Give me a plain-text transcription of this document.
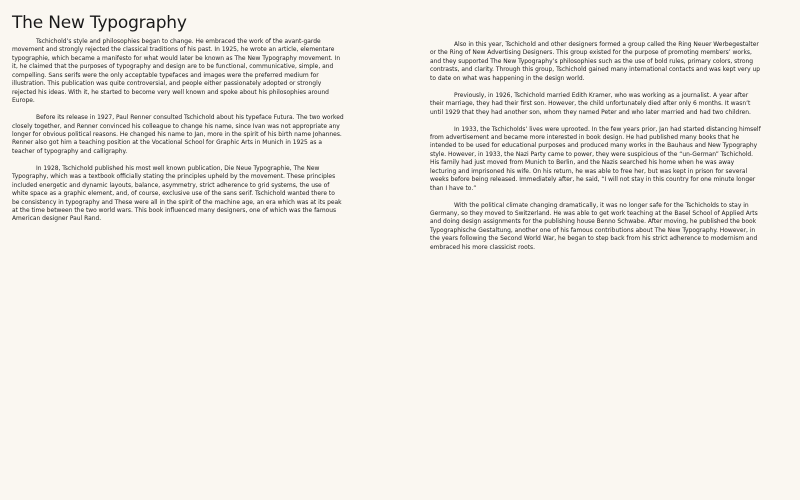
The New Typography

Tschichold’s style and philosophies began to change. He embraced the work of the avant-garde movement and strongly rejected the classical traditions of his past. In 1925, he wrote an article, elementare typographie, which became a manifesto for what would later be known as The New Typography movement. In it, he claimed that the purposes of typography and design are to be functional, communicative, simple, and compelling. Sans serifs were the only acceptable typefaces and images were the preferred medium for illustration. This publication was quite controversial, and people either passionately adopted or strongly rejected his ideas. With it, he started to become very well known and spoke about his philosophies around Europe.

Before its release in 1927, Paul Renner consulted Tschichold about his typeface Futura. The two worked closely together, and Renner convinced his colleague to change his name, since Ivan was not appropriate any longer for obvious political reasons. He changed his name to Jan, more in the spirit of his birth name Johannes. Renner also got him a teaching position at the Vocational School for Graphic Arts in Munich in 1925 as a teacher of typography and calligraphy.

In 1928, Tschichold published his most well known publication, Die Neue Typographie, The New Typography, which was a textbook officially stating the principles upheld by the movement. These principles included energetic and dynamic layouts, balance, asymmetry, strict adherence to grid systems, the use of white space as a graphic element, and, of course, exclusive use of the sans serif. Tschichold wanted there to be consistency in typography and These were all in the spirit of the machine age, an era which was at its peak at the time between the two world wars. This book influenced many designers, one of which was the famous American designer Paul Rand.

Also in this year, Tschichold and other designers formed a group called the Ring Neuer Werbegestalter or the Ring of New Advertising Designers. This group existed for the purpose of promoting members’ works, and they supported The New Typography’s philosophies such as the use of bold rules, primary colors, strong contrasts, and clarity. Through this group, Tschichold gained many international contacts and was kept very up to date on what was happening in the design world.

Previously, in 1926, Tschichold married Edith Kramer, who was working as a journalist. A year after their marriage, they had their first son. However, the child unfortunately died after only 6 months. It wasn’t until 1929 that they had another son, whom they named Peter and who later married and had two children.

In 1933, the Tschicholds’ lives were uprooted. In the few years prior, Jan had started distancing himself from advertisement and became more interested in book design. He had published many books that he intended to be used for educational purposes and produced many works in the Bauhaus and New Typography style. However, in 1933, the Nazi Party came to power, they were suspicious of the “un-German” Tschichold. His family had just moved from Munich to Berlin, and the Nazis searched his home when he was away lecturing and imprisoned his wife. On his return, he was able to free her, but was kept in prison for several weeks before being released. Immediately after, he said, “I will not stay in this country for one minute longer than I have to.”

With the political climate changing dramatically, it was no longer safe for the Tschicholds to stay in Germany, so they moved to Switzerland. He was able to get work teaching at the Basel School of Applied Arts and doing design assignments for the publishing house Benno Schwabe. After moving, he published the book Typographische Gestaltung, another one of his famous contributions about The New Typography. However, in the years following the Second World War, he began to step back from his strict adherence to modernism and embraced his more classicist roots.
